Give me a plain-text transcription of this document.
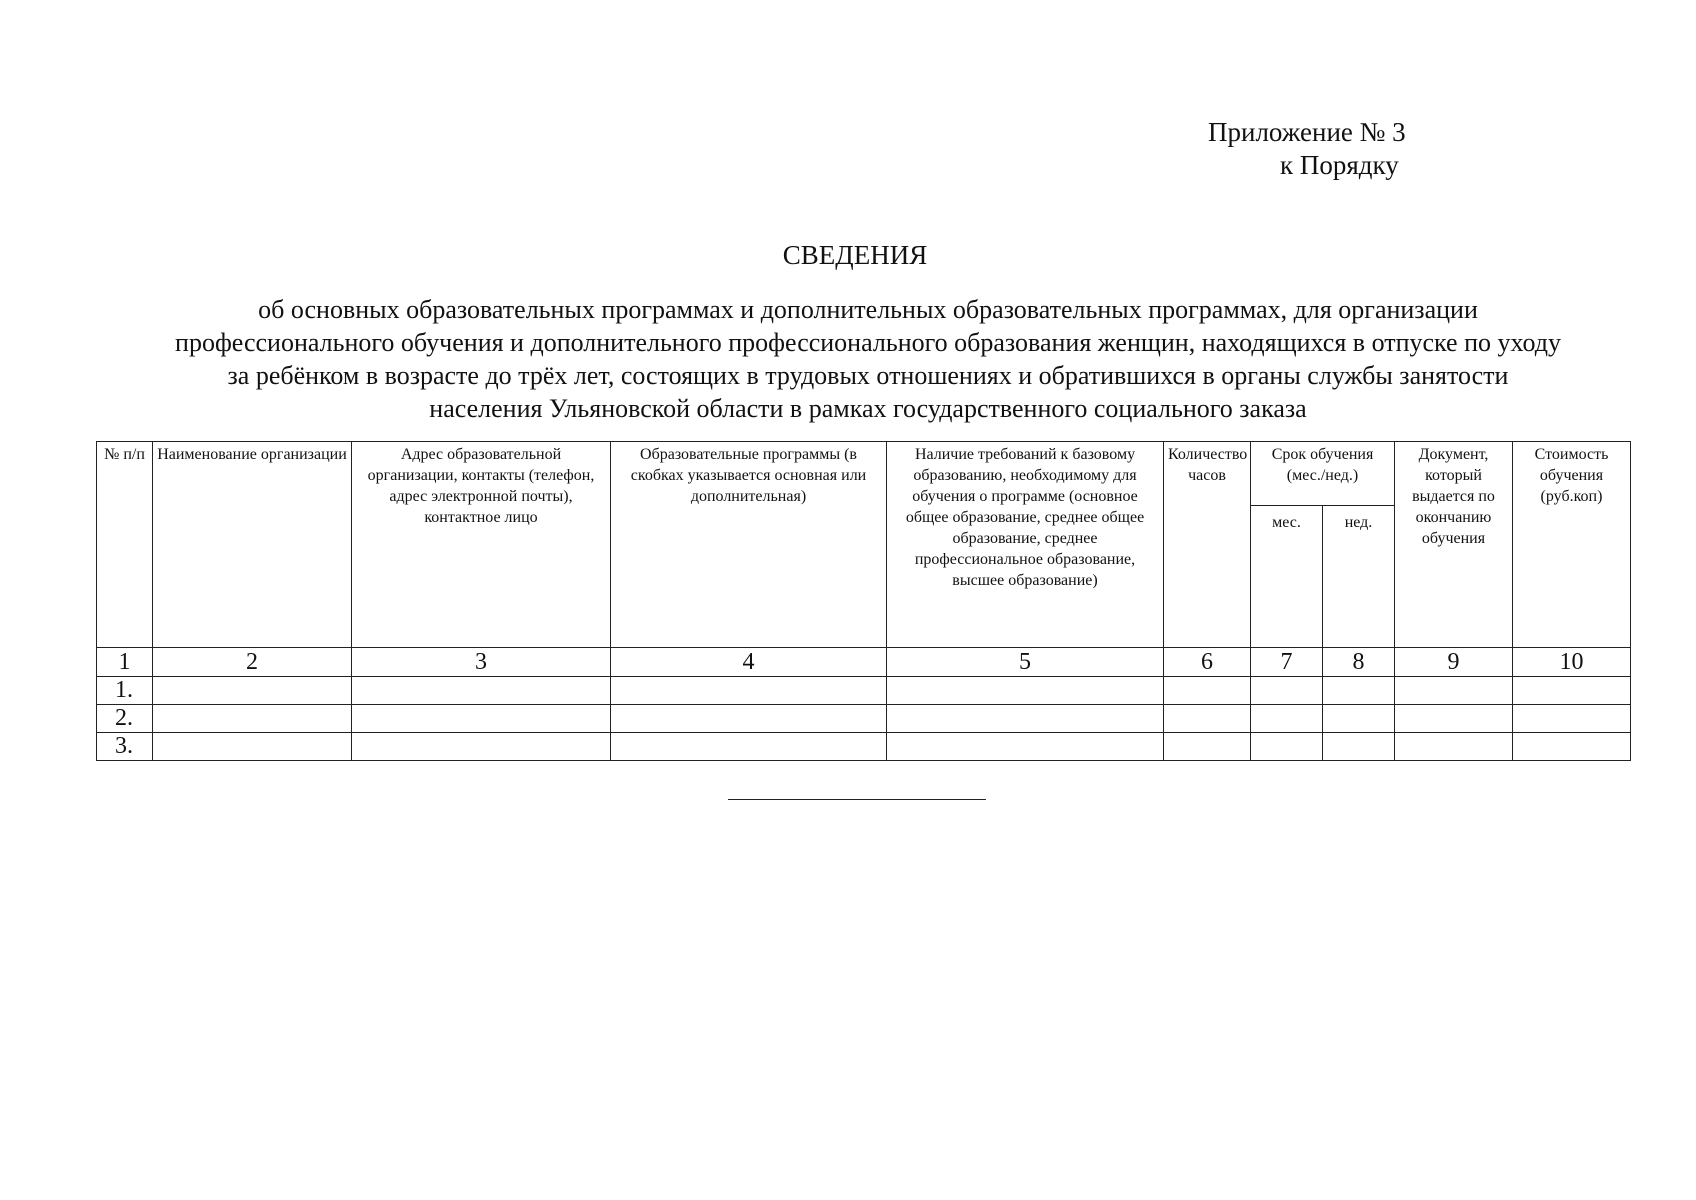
Приложение № 3
к Порядку
СВЕДЕНИЯ
об основных образовательных программах и дополнительных образовательных программах, для организации
профессионального обучения и дополнительного профессионального образования женщин, находящихся в отпуске по уходу
за ребёнком в возрасте до трёх лет, состоящих в трудовых отношениях и обратившихся в органы службы занятости
населения Ульяновской области в рамках государственного социального заказа
№ п/п	Наименование организации	Адрес образовательной организации, контакты (телефон, адрес электронной почты), контактное лицо	Образовательные программы (в скобках указывается основная или дополнительная)	Наличие требований к базовому образованию, необходимому для обучения о программе (основное общее образование, среднее общее образование, среднее профессиональное образование, высшее образование)	Количество часов	Срок обучения (мес./нед.)		Документ, который выдается по окончанию обучения	Стоимость обучения (руб.коп)
						мес.	нед.		
1	2	3	4	5	6	7	8	9	10
1.									
2.									
3.									
